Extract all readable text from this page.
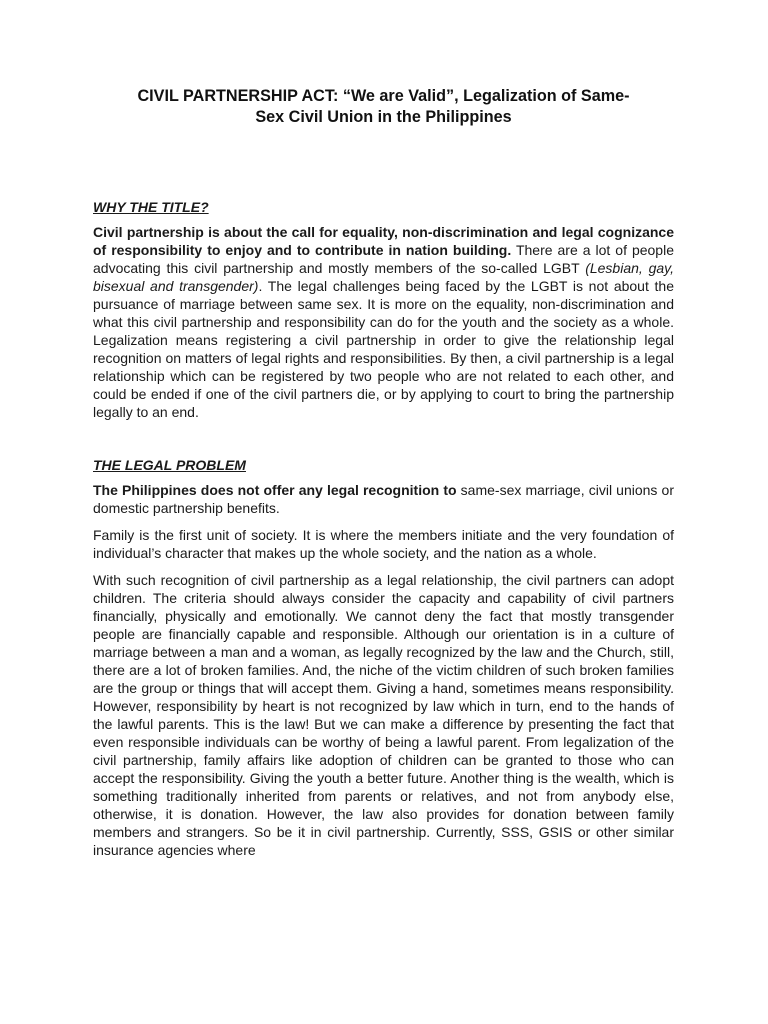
CIVIL PARTNERSHIP ACT: “We are Valid”, Legalization of Same-
Sex Civil Union in the Philippines
WHY THE TITLE?

Civil partnership is about the call for equality, non-discrimination and legal cognizance of responsibility to enjoy and to contribute in nation building. There are a lot of people advocating this civil partnership and mostly members of the so-called LGBT (Lesbian, gay, bisexual and transgender). The legal challenges being faced by the LGBT is not about the pursuance of marriage between same sex. It is more on the equality, non-discrimination and what this civil partnership and responsibility can do for the youth and the society as a whole. Legalization means registering a civil partnership in order to give the relationship legal recognition on matters of legal rights and responsibilities. By then, a civil partnership is a legal relationship which can be registered by two people who are not related to each other, and could be ended if one of the civil partners die, or by applying to court to bring the partnership legally to an end.

THE LEGAL PROBLEM

The Philippines does not offer any legal recognition to same-sex marriage, civil unions or domestic partnership benefits.

Family is the first unit of society. It is where the members initiate and the very foundation of individual’s character that makes up the whole society, and the nation as a whole.

With such recognition of civil partnership as a legal relationship, the civil partners can adopt children. The criteria should always consider the capacity and capability of civil partners financially, physically and emotionally. We cannot deny the fact that mostly transgender people are financially capable and responsible. Although our orientation is in a culture of marriage between a man and a woman, as legally recognized by the law and the Church, still, there are a lot of broken families. And, the niche of the victim children of such broken families are the group or things that will accept them. Giving a hand, sometimes means responsibility. However, responsibility by heart is not recognized by law which in turn, end to the hands of the lawful parents. This is the law! But we can make a difference by presenting the fact that even responsible individuals can be worthy of being a lawful parent. From legalization of the civil partnership, family affairs like adoption of children can be granted to those who can accept the responsibility. Giving the youth a better future. Another thing is the wealth, which is something traditionally inherited from parents or relatives, and not from anybody else, otherwise, it is donation. However, the law also provides for donation between family members and strangers. So be it in civil partnership. Currently, SSS, GSIS or other similar insurance agencies where
